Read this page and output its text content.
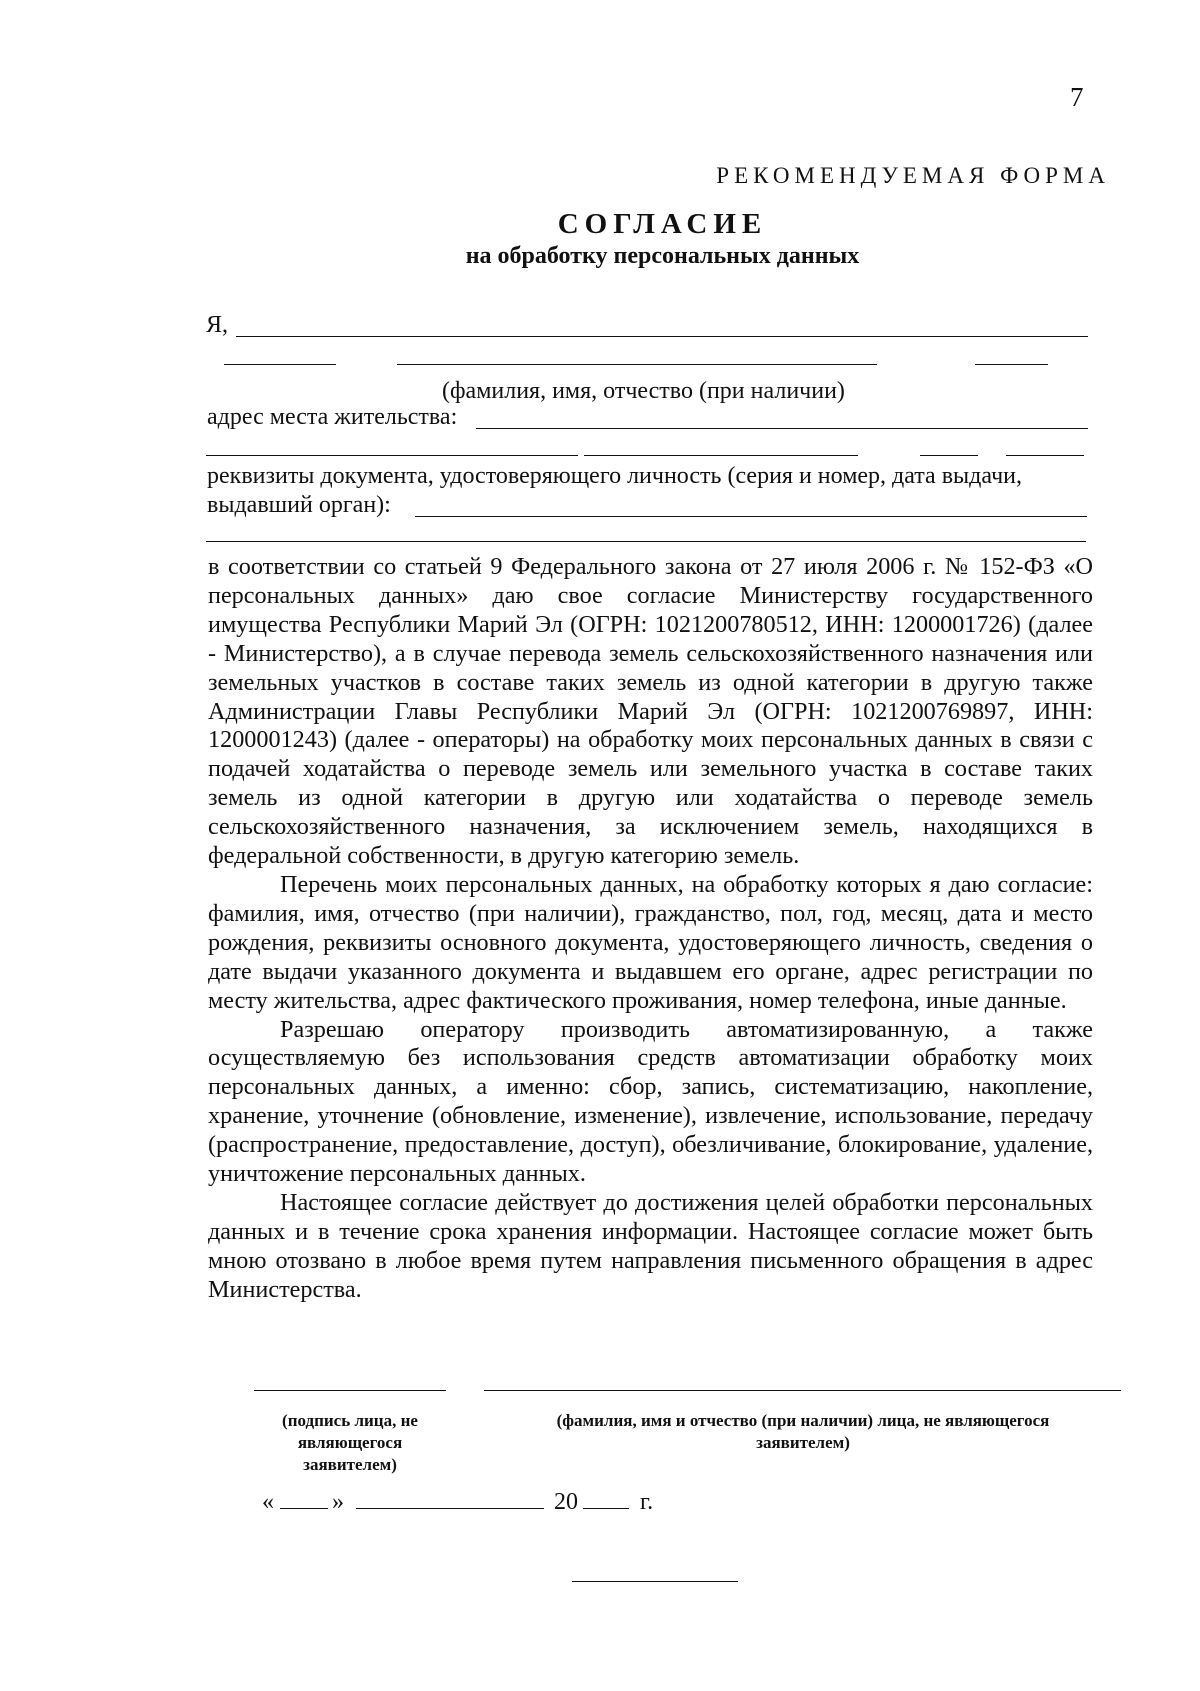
7
РЕКОМЕНДУЕМАЯ ФОРМА
СОГЛАСИЕ
на обработку персональных данных
Я,
(фамилия, имя, отчество (при наличии)
адрес места жительства:
реквизиты документа, удостоверяющего личность (серия и номер, дата выдачи,
выдавший орган):

в соответствии со статьей 9 Федерального закона от 27 июля 2006 г. № 152-ФЗ «О персональных данных» даю свое согласие Министерству государственного имущества Республики Марий Эл (ОГРН: 1021200780512, ИНН: 1200001726) (далее - Министерство), а в случае перевода земель сельскохозяйственного назначения или земельных участков в составе таких земель из одной категории в другую также Администрации Главы Республики Марий Эл (ОГРН: 1021200769897, ИНН: 1200001243) (далее - операторы) на обработку моих персональных данных в связи с подачей ходатайства о переводе земель или земельного участка в составе таких земель из одной категории в другую или ходатайства о переводе земель сельскохозяйственного назначения, за исключением земель, находящихся в федеральной собственности, в другую категорию земель.

Перечень моих персональных данных, на обработку которых я даю согласие: фамилия, имя, отчество (при наличии), гражданство, пол, год, месяц, дата и место рождения, реквизиты основного документа, удостоверяющего личность, сведения о дате выдачи указанного документа и выдавшем его органе, адрес регистрации по месту жительства, адрес фактического проживания, номер телефона, иные данные.

Разрешаю оператору производить автоматизированную, а также осуществляемую без использования средств автоматизации обработку моих персональных данных, а именно: сбор, запись, систематизацию, накопление, хранение, уточнение (обновление, изменение), извлечение, использование, передачу (распространение, предоставление, доступ), обезличивание, блокирование, удаление, уничтожение персональных данных.

Настоящее согласие действует до достижения целей обработки персональных данных и в течение срока хранения информации. Настоящее согласие может быть мною отозвано в любое время путем направления письменного обращения в адрес Министерства.

(подпись лица, не являющегося заявителем)
(фамилия, имя и отчество (при наличии) лица, не являющегося заявителем)
« »	20	г.
